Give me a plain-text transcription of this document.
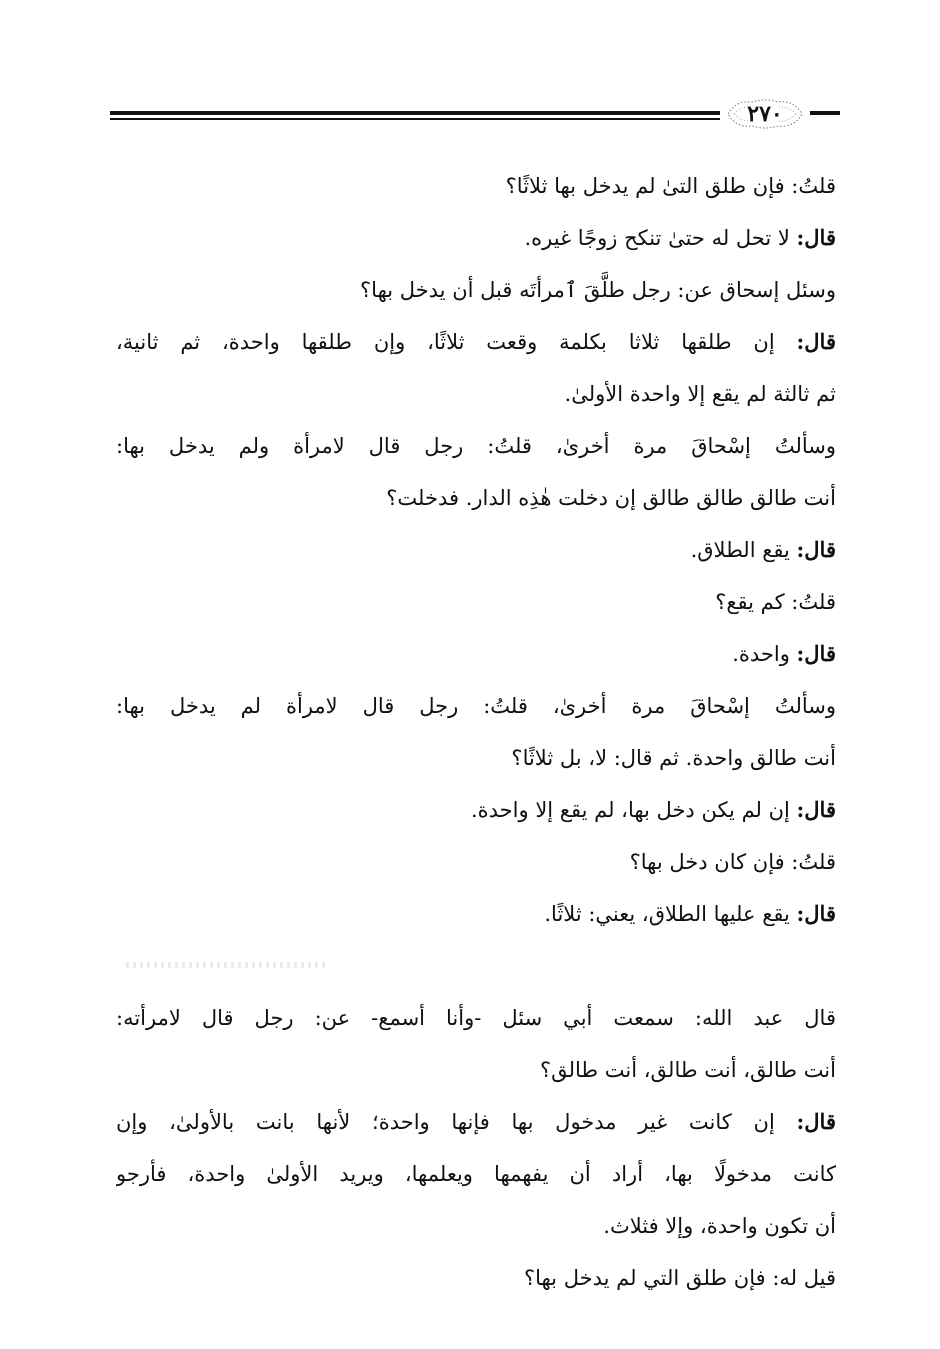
٢٧٠
قلتُ: فإن طلق التىٰ لم يدخل بها ثلاثًا؟
قال: لا تحل له حتىٰ تنكح زوجًا غيره.
وسئل إسحاق عن: رجل طلَّقَ ٱمرأتَه قبل أن يدخل بها؟
قال: إن طلقها ثلاثا بكلمة وقعت ثلاثًا، وإن طلقها واحدة، ثم ثانية،
ثم ثالثة لم يقع إلا واحدة الأولىٰ.
وسألتُ إسْحاقَ مرة أخرىٰ، قلتُ: رجل قال لامرأة ولم يدخل بها:
أنت طالق طالق طالق إن دخلت هٰذِه الدار. فدخلت؟
قال: يقع الطلاق.
قلتُ: كم يقع؟
قال: واحدة.
وسألتُ إسْحاقَ مرة أخرىٰ، قلتُ: رجل قال لامرأة لم يدخل بها:
أنت طالق واحدة. ثم قال: لا، بل ثلاثًا؟
قال: إن لم يكن دخل بها، لم يقع إلا واحدة.
قلتُ: فإن كان دخل بها؟
قال: يقع عليها الطلاق، يعني: ثلاثًا.
قال عبد الله: سمعت أبي سئل -وأنا أسمع- عن: رجل قال لامرأته:
أنت طالق، أنت طالق، أنت طالق؟
قال: إن كانت غير مدخول بها فإنها واحدة؛ لأنها بانت بالأولىٰ، وإن
كانت مدخولًا بها، أراد أن يفهمها ويعلمها، ويريد الأولىٰ واحدة، فأرجو
أن تكون واحدة، وإلا فثلاث.
قيل له: فإن طلق التي لم يدخل بها؟
